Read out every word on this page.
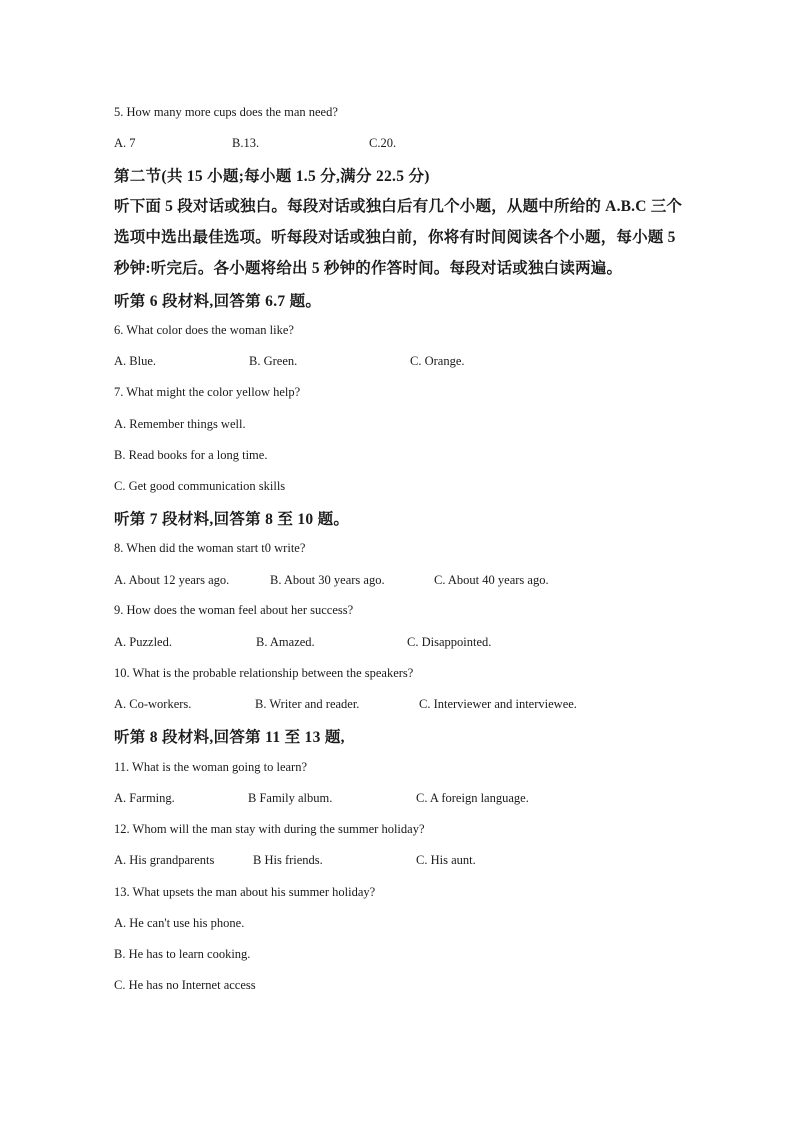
5. How many more cups does the man need?
A. 7	B.13.	C.20.
第二节(共 15 小题;每小题 1.5 分,满分 22.5 分)
听下面 5 段对话或独白。每段对话或独白后有几个小题，从题中所给的 A.B.C 三个选项中选出最佳选项。听每段对话或独白前，你将有时间阅读各个小题，每小题 5 秒钟:听完后。各小题将给出 5 秒钟的作答时间。每段对话或独白读两遍。
听第 6 段材料,回答第 6.7 题。
6. What color does the woman like?
A. Blue.	B. Green.	C. Orange.
7. What might the color yellow help?
A. Remember things well.
B. Read books for a long time.
C. Get good communication skills
听第 7 段材料,回答第 8 至 10 题。
8. When did the woman start t0 write?
A. About 12 years ago.	B. About 30 years ago.	C. About 40 years ago.
9. How does the woman feel about her success?
A. Puzzled.	B. Amazed.	C. Disappointed.
10. What is the probable relationship between the speakers?
A. Co-workers.	B. Writer and reader.	C. Interviewer and interviewee.
听第 8 段材料,回答第 11 至 13 题,
11. What is the woman going to learn?
A. Farming.	B Family album.	C. A foreign language.
12. Whom will the man stay with during the summer holiday?
A. His grandparents	B His friends.	C. His aunt.
13. What upsets the man about his summer holiday?
A. He can't use his phone.
B. He has to learn cooking.
C. He has no Internet access
